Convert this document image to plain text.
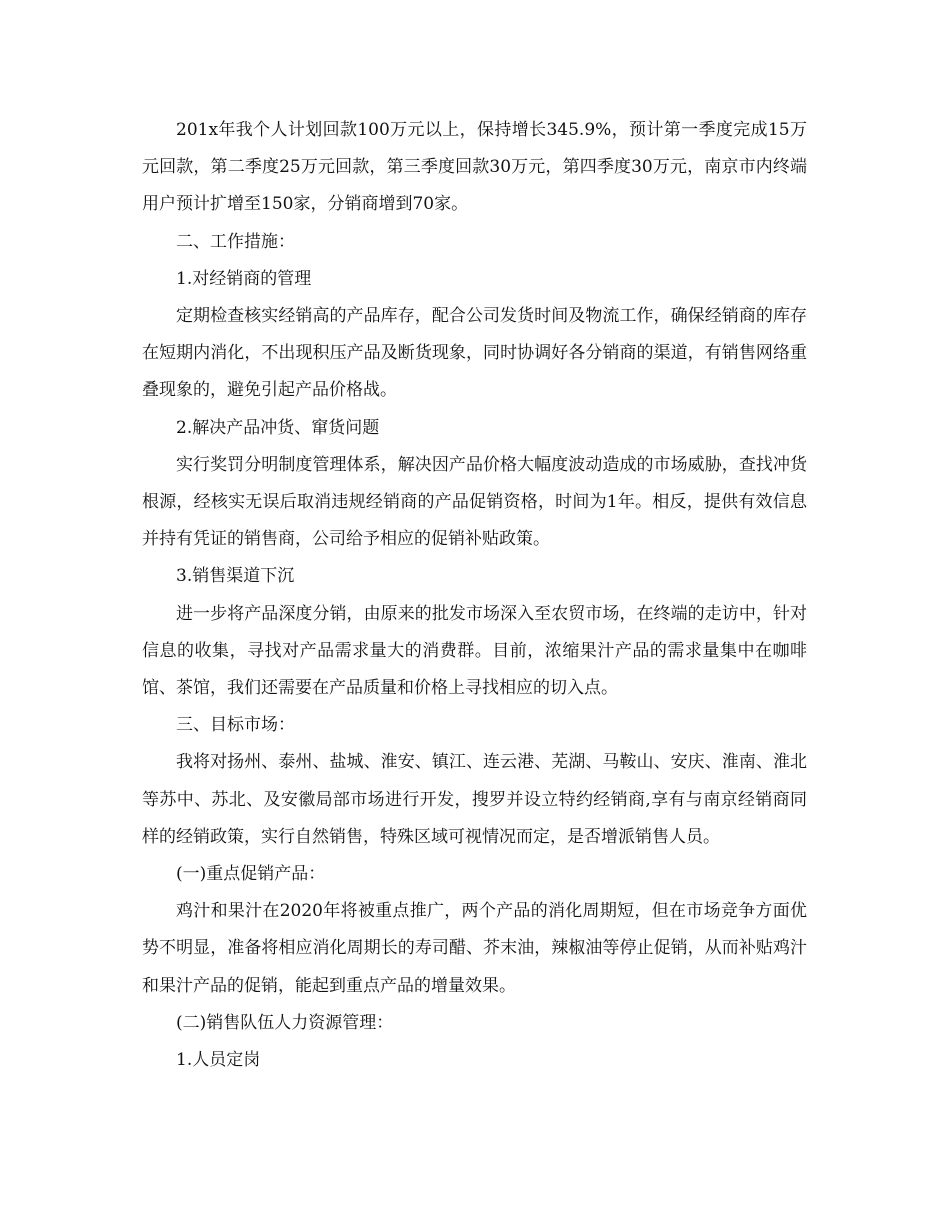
201x年我个人计划回款100万元以上，保持增长345.9%，预计第一季度完成15万元回款，第二季度25万元回款，第三季度回款30万元，第四季度30万元，南京市内终端用户预计扩增至150家，分销商增到70家。

二、工作措施：

1.对经销商的管理

定期检查核实经销高的产品库存，配合公司发货时间及物流工作，确保经销商的库存在短期内消化，不出现积压产品及断货现象，同时协调好各分销商的渠道，有销售网络重叠现象的，避免引起产品价格战。

2.解决产品冲货、窜货问题

实行奖罚分明制度管理体系，解决因产品价格大幅度波动造成的市场威胁，查找冲货根源，经核实无误后取消违规经销商的产品促销资格，时间为1年。相反，提供有效信息并持有凭证的销售商，公司给予相应的促销补贴政策。

3.销售渠道下沉

进一步将产品深度分销，由原来的批发市场深入至农贸市场，在终端的走访中，针对信息的收集，寻找对产品需求量大的消费群。目前，浓缩果汁产品的需求量集中在咖啡馆、茶馆，我们还需要在产品质量和价格上寻找相应的切入点。

三、目标市场：

我将对扬州、泰州、盐城、淮安、镇江、连云港、芜湖、马鞍山、安庆、淮南、淮北等苏中、苏北、及安徽局部市场进行开发，搜罗并设立特约经销商,享有与南京经销商同样的经销政策，实行自然销售，特殊区域可视情况而定，是否增派销售人员。

(一)重点促销产品：

鸡汁和果汁在2020年将被重点推广，两个产品的消化周期短，但在市场竞争方面优势不明显，准备将相应消化周期长的寿司醋、芥末油，辣椒油等停止促销，从而补贴鸡汁和果汁产品的促销，能起到重点产品的增量效果。

(二)销售队伍人力资源管理：

1.人员定岗
